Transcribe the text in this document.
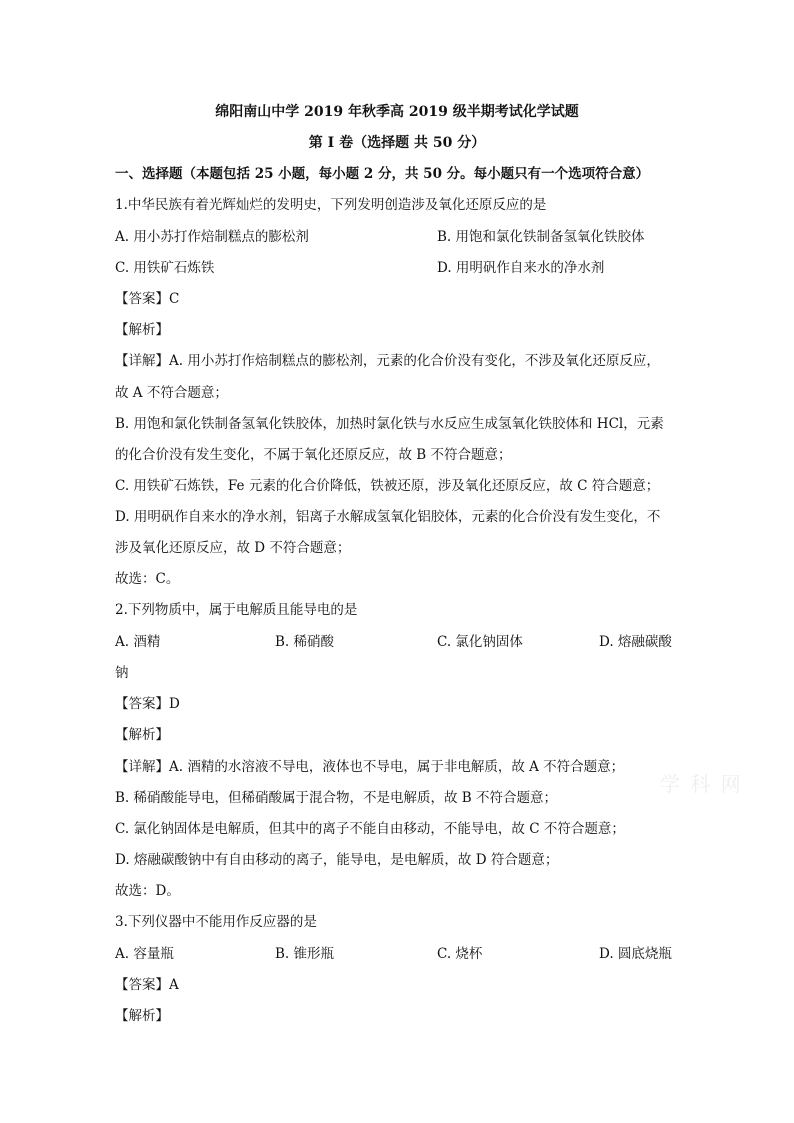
绵阳南山中学 2019 年秋季高 2019 级半期考试化学试题
第 I 卷（选择题 共 50 分）
一、选择题（本题包括 25 小题，每小题 2 分，共 50 分。每小题只有一个选项符合意）
1.中华民族有着光辉灿烂的发明史，下列发明创造涉及氧化还原反应的是
A. 用小苏打作焙制糕点的膨松剂	B. 用饱和氯化铁制备氢氧化铁胶体
C. 用铁矿石炼铁	D. 用明矾作自来水的净水剂
【答案】C
【解析】
【详解】A. 用小苏打作焙制糕点的膨松剂，元素的化合价没有变化，不涉及氧化还原反应，
故 A 不符合题意；
B. 用饱和氯化铁制备氢氧化铁胶体，加热时氯化铁与水反应生成氢氧化铁胶体和 HCl，元素
的化合价没有发生变化，不属于氧化还原反应，故 B 不符合题意；
C. 用铁矿石炼铁，Fe 元素的化合价降低，铁被还原，涉及氧化还原反应，故 C 符合题意；
D. 用明矾作自来水的净水剂，铝离子水解成氢氧化铝胶体，元素的化合价没有发生变化，不
涉及氧化还原反应，故 D 不符合题意；
故选：C。
2.下列物质中，属于电解质且能导电的是
A. 酒精	B. 稀硝酸	C. 氯化钠固体	D. 熔融碳酸
钠
【答案】D
【解析】
【详解】A. 酒精的水溶液不导电，液体也不导电，属于非电解质，故 A 不符合题意；
B. 稀硝酸能导电，但稀硝酸属于混合物，不是电解质，故 B 不符合题意；
C. 氯化钠固体是电解质，但其中的离子不能自由移动，不能导电，故 C 不符合题意；
D. 熔融碳酸钠中有自由移动的离子，能导电，是电解质，故 D 符合题意；
故选：D。
3.下列仪器中不能用作反应器的是
A. 容量瓶	B. 锥形瓶	C. 烧杯	D. 圆底烧瓶
【答案】A
【解析】
学 科 网
